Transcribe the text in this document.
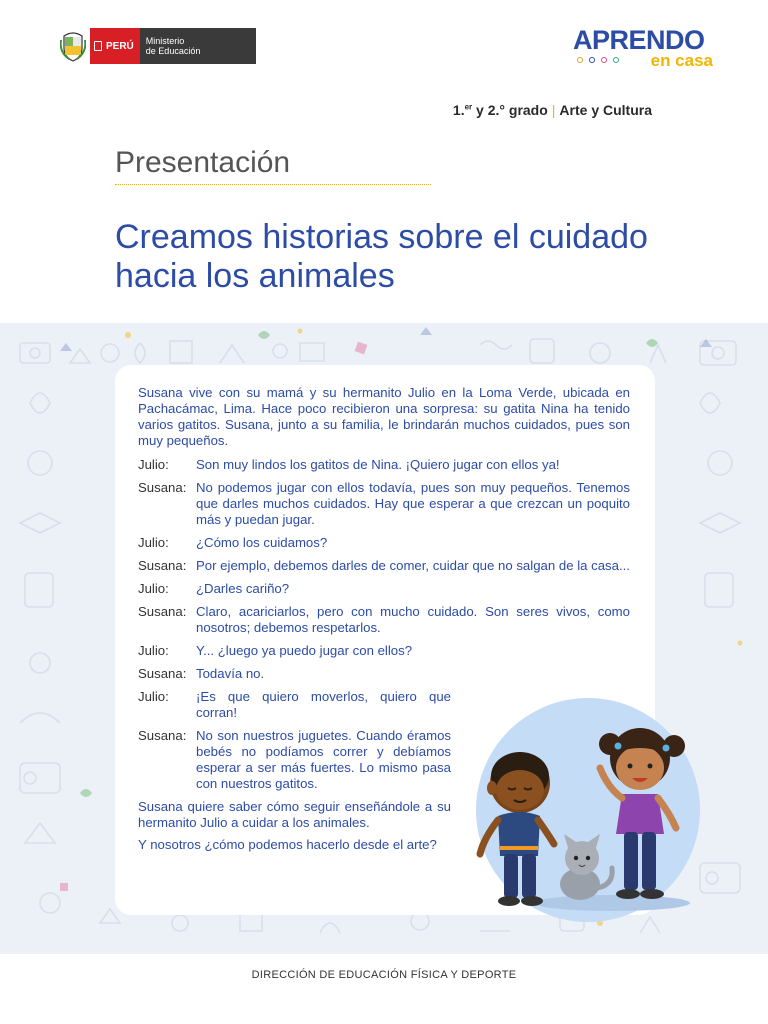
PERÚ Ministerio
de Educación	APRENDO
en casa
1.$^{er}$ y 2.° grado | Arte y Cultura
Presentación
Creamos historias sobre el cuidado hacia los animales

Susana vive con su mamá y su hermanito Julio en la Loma Verde, ubicada en Pachacámac, Lima. Hace poco recibieron una sorpresa: su gatita Nina ha tenido varios gatitos. Susana, junto a su familia, le brindarán muchos cuidados, pues son muy pequeños.

Julio:	Son muy lindos los gatitos de Nina. ¡Quiero jugar con ellos ya!
Susana: No podemos jugar con ellos todavía, pues son muy pequeños. Tenemos que darles muchos cuidados. Hay que esperar a que crezcan un poquito más y puedan jugar.
Julio:	¿Cómo los cuidamos?
Susana: Por ejemplo, debemos darles de comer, cuidar que no salgan de la casa...
Julio:	¿Darles cariño?
Susana: Claro, acariciarlos, pero con mucho cuidado. Son seres vivos, como nosotros; debemos respetarlos.
Julio:	Y... ¿luego ya puedo jugar con ellos?
Susana: Todavía no.
Julio:	¡Es que quiero moverlos, quiero que corran!
Susana: No son nuestros juguetes. Cuando éramos bebés no podíamos correr y debíamos esperar a ser más fuertes. Lo mismo pasa con nuestros gatitos.

Susana quiere saber cómo seguir enseñándole a su hermanito Julio a cuidar a los animales.

Y nosotros ¿cómo podemos hacerlo desde el arte?

DIRECCIÓN DE EDUCACIÓN FÍSICA Y DEPORTE
